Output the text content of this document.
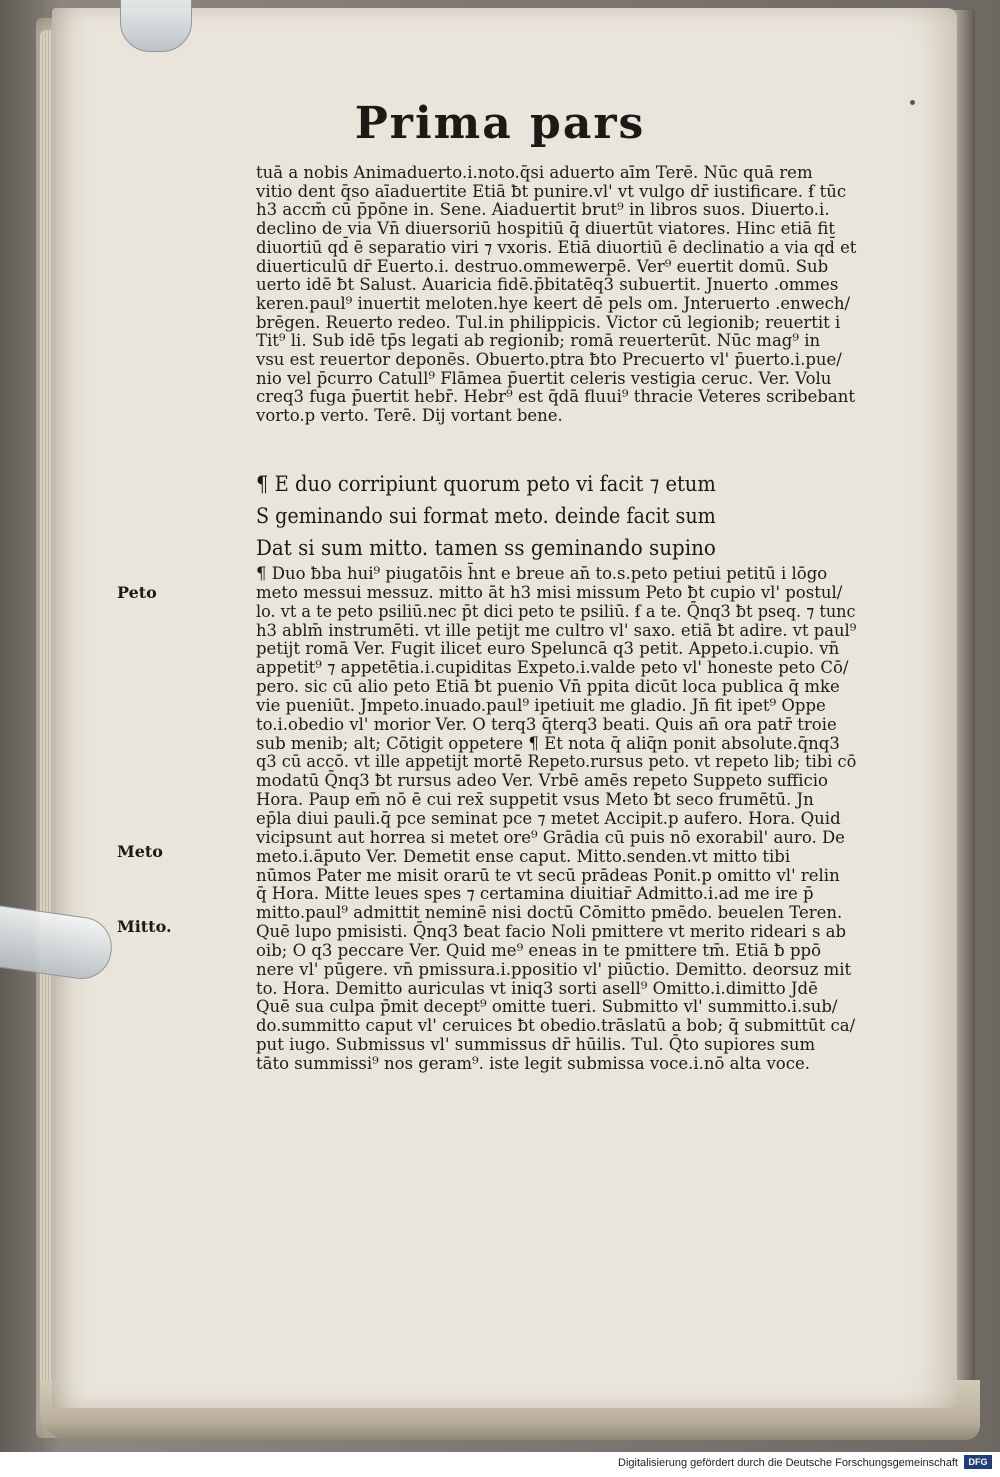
Prima pars
tuā a nobis Animaduerto.i.noto.q̄si aduerto aīm Terē. Nūc quā rem
vitio dent q̄so aīaduertite Etiā ƀt punire.vl' vt vulgo dr̄ iustificare. ẜ tūc
h3 accm̄ cū p̄pōne in. Sene. Aiaduertit brut⁹ in libros suos. Diuerto.i.
declino de via Vn̄ diuersoriū hospitiū q̄ diuertūt viatores. Hinc etiā fit
diuortiū qd̄ ē separatio viri ⁊ vxoris. Etiā diuortiū ē declinatio a via qd̄ et
diuerticulū dr̄ Euerto.i. destruo.ommewerpē. Ver⁹ euertit domū. Sub
uerto idē ƀt Salust. Auaricia fidē.p̄bitatēq3 subuertit. Jnuerto .ommes
keren.paul⁹ inuertit meloten.hye keert dē pels om. Jnteruerto .enwech/
brēgen. Reuerto redeo. Tul.in philippicis. Victor cū legionib; reuertit i
Tit⁹ li. Sub idē tp̄s legati ab regionib; romā reuerterūt. Nūc mag⁹ in
vsu est reuertor deponēs. Obuerto.ptra ƀto Precuerto vl' p̄uerto.i.pue/
nio vel p̄curro Catull⁹ Flāmea p̄uertit celeris vestigia ceruc. Ver. Volu
creq3 fuga p̄uertit hebr̄. Hebr⁹ est q̄dā fluui⁹ thracie Veteres scribebant
vorto.p verto. Terē. Dij vortant bene.
¶ E duo corripiunt quorum peto vi facit ⁊ etum
S geminando sui format meto. deinde facit sum
Dat si sum mitto. tamen ss geminando supino
¶ Duo ƀba hui⁹ piugatōis h̄nt e breue an̄ to.s.peto petiui petitū i lōgo
meto messui messuz. mitto āt h3 misi missum Peto ƀt cupio vl' postul/
lo. vt a te peto psiliū.nec p̄t dici peto te psiliū. ẜ a te. Q̄nq3 ƀt pseq. ⁊ tunc
h3 ablm̄ instrumēti. vt ille petijt me cultro vl' saxo. etiā ƀt adire. vt paul⁹
petijt romā Ver. Fugit ilicet euro Speluncā q3 petit. Appeto.i.cupio. vn̄
appetit⁹ ⁊ appetētia.i.cupiditas Expeto.i.valde peto vl' honeste peto Cō/
pero. sic cū alio peto Etiā ƀt puenio Vn̄ ppita dicūt loca publica q̄ mke
vie pueniūt. Jmpeto.inuado.paul⁹ ipetiuit me gladio. Jn̄ fit ipet⁹ Oppe
to.i.obedio vl' morior Ver. O terq3 q̄terq3 beati. Quis an̄ ora patr̄ troie
sub menib; alt; Cōtigit oppetere ¶ Et nota q̄ aliq̄n ponit absolute.q̄nq3
q3 cū accō. vt ille appetijt mortē Repeto.rursus peto. vt repeto lib; tibi cō
modatū Q̄nq3 ƀt rursus adeo Ver. Vrbē amēs repeto Suppeto sufficio
Hora. Paup em̄ nō ē cui rex̄ suppetit vsus Meto ƀt seco frumētū. Jn
ep̄la diui pauli.q̄ pce seminat pce ⁊ metet Accipit.p aufero. Hora. Quid
vicipsunt aut horrea si metet ore⁹ Grādia cū puis nō exorabil' auro. De
meto.i.āputo Ver. Demetit ense caput. Mitto.senden.vt mitto tibi
nūmos Pater me misit orarū te vt secū prādeas Ponit.p omitto vl' relin
q̄ Hora. Mitte leues spes ⁊ certamina diuitiar̄ Admitto.i.ad me ire p̄
mitto.paul⁹ admittit neminē nisi doctū Cōmitto pmēdo. beuelen Teren.
Quē lupo pmisisti. Q̄nq3 ƀeat facio Noli pmittere vt merito rideari s ab
oib; O q3 peccare Ver. Quid me⁹ eneas in te pmittere tm̄. Etiā ƀ ppō
nere vl' pūgere. vn̄ pmissura.i.ppositio vl' piūctio. Demitto. deorsuz mit
to. Hora. Demitto auriculas vt iniq3 sorti asell⁹ Omitto.i.dimitto Jdē
Quē sua culpa p̄mit decept⁹ omitte tueri. Submitto vl' summitto.i.sub/
do.summitto caput vl' ceruices ƀt obedio.trāslatū a bob; q̄ submittūt ca/
put iugo. Submissus vl' summissus dr̄ hūilis. Tul. Q̄to supiores sum
tāto summissi⁹ nos geram⁹. iste legit submissa voce.i.nō alta voce.
Peto
Meto
Mitto.
Digitalisierung gefördert durch die Deutsche Forschungsgemeinschaft	DFG
